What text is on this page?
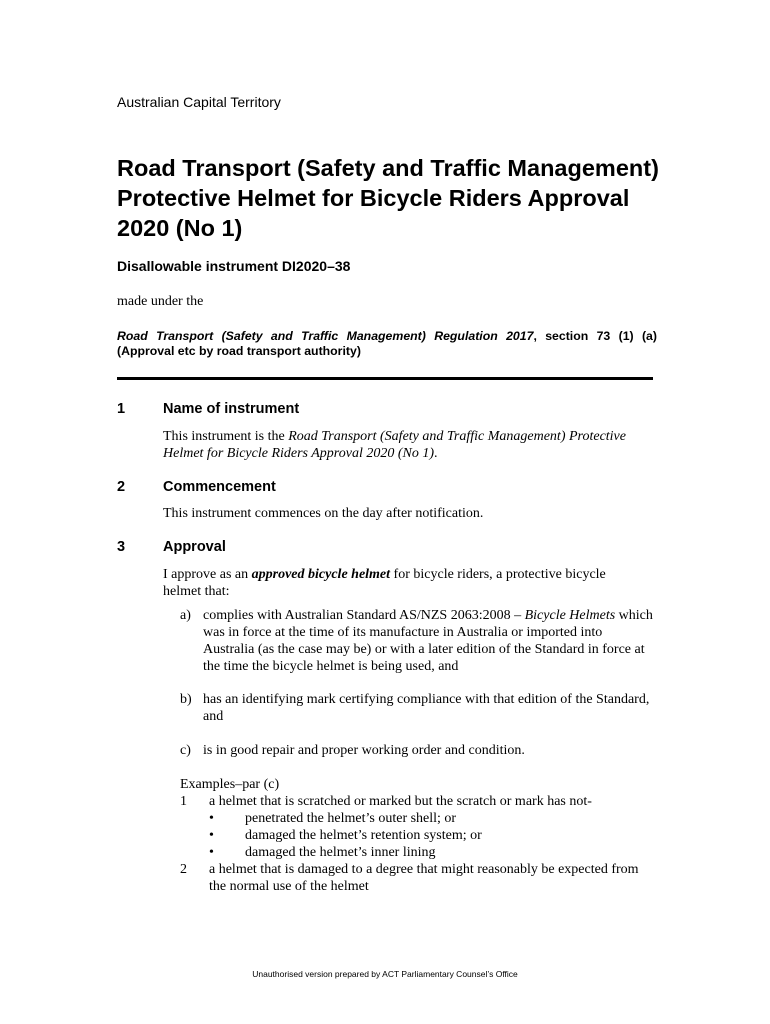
Australian Capital Territory

Road Transport (Safety and Traffic Management) Protective Helmet for Bicycle Riders Approval 2020 (No 1)

Disallowable instrument DI2020–38

made under the

Road Transport (Safety and Traffic Management) Regulation 2017, section 73 (1) (a) (Approval etc by road transport authority)

1	Name of instrument

This instrument is the Road Transport (Safety and Traffic Management) Protective Helmet for Bicycle Riders Approval 2020 (No 1).

2	Commencement

This instrument commences on the day after notification.

3	Approval

I approve as an approved bicycle helmet for bicycle riders, a protective bicycle helmet that:

a) complies with Australian Standard AS/NZS 2063:2008 – Bicycle Helmets which was in force at the time of its manufacture in Australia or imported into Australia (as the case may be) or with a later edition of the Standard in force at the time the bicycle helmet is being used, and
b) has an identifying mark certifying compliance with that edition of the Standard, and
c) is in good repair and proper working order and condition.

Examples–par (c)

1 a helmet that is scratched or marked but the scratch or mark has not-

• penetrated the helmet’s outer shell; or

• damaged the helmet’s retention system; or

• damaged the helmet’s inner lining

2 a helmet that is damaged to a degree that might reasonably be expected from the normal use of the helmet

Unauthorised version prepared by ACT Parliamentary Counsel’s Office
